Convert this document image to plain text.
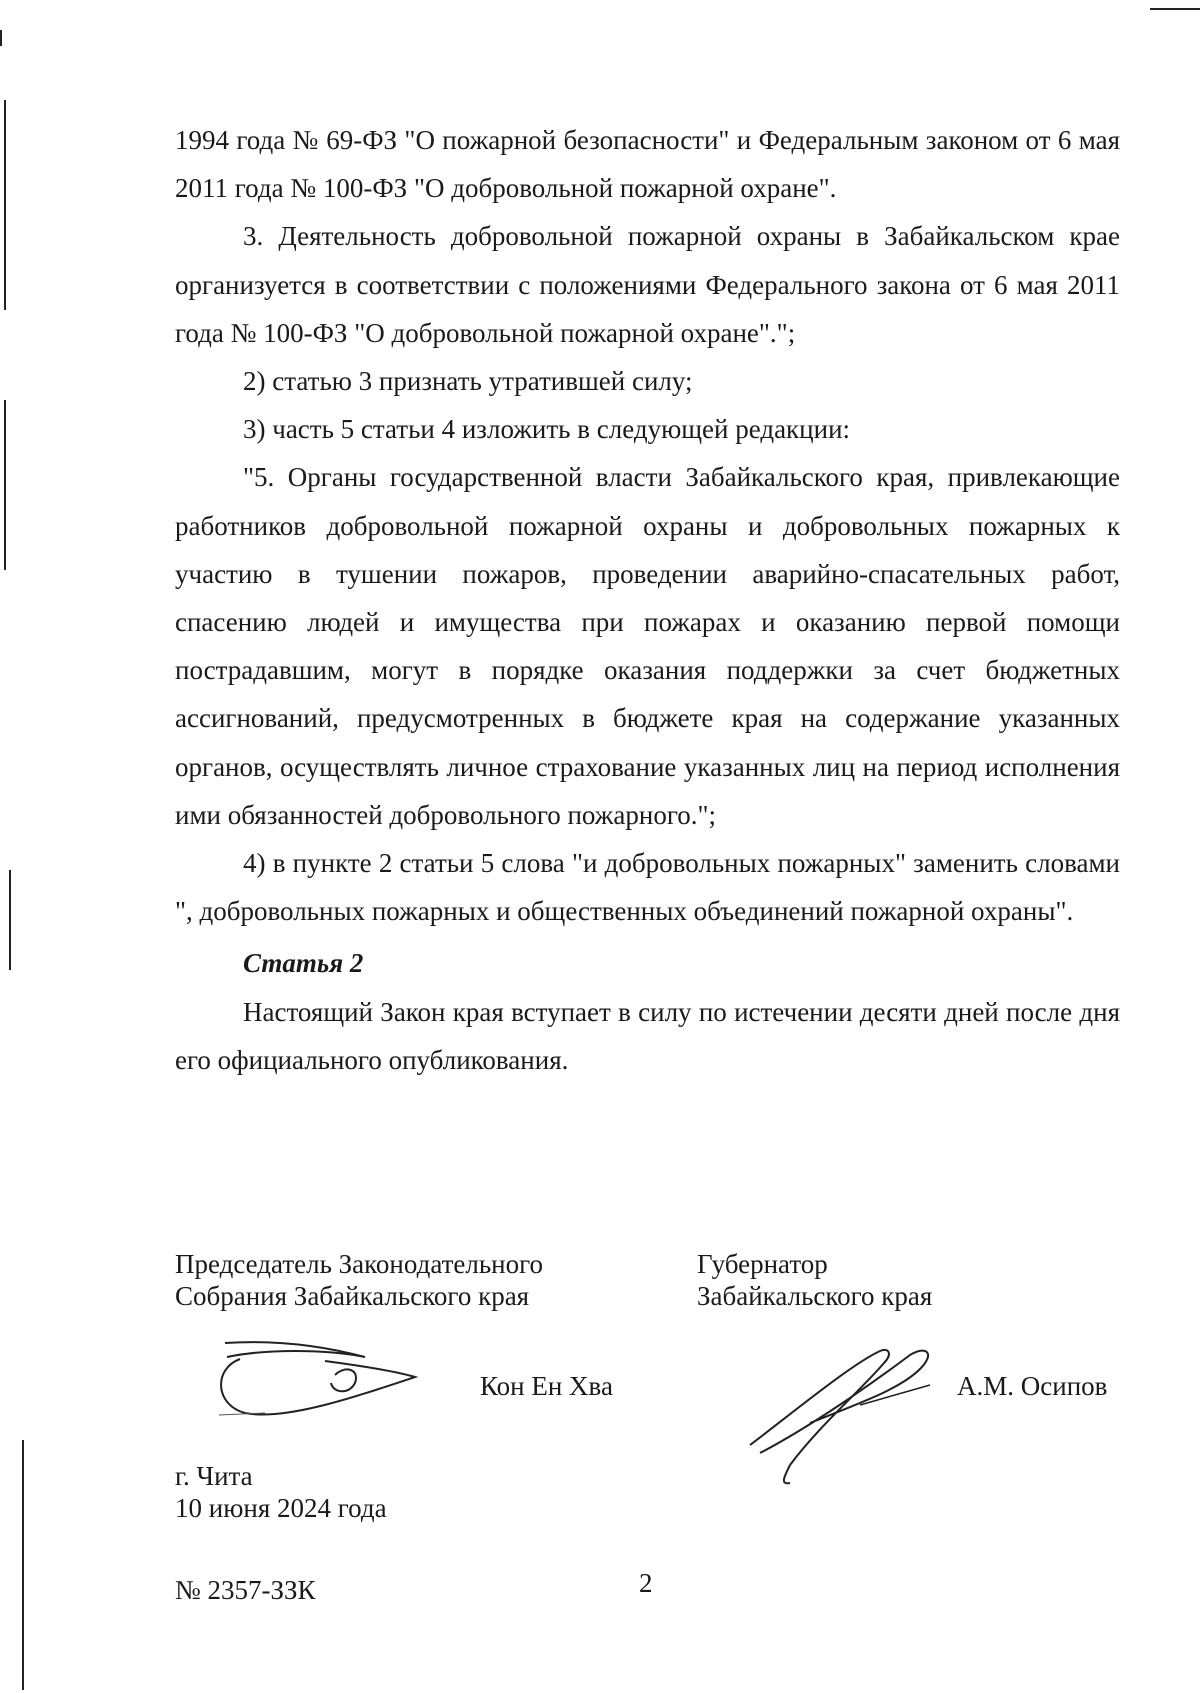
1994 года № 69-ФЗ "О пожарной безопасности" и Федеральным законом от 6 мая 2011 года № 100-ФЗ "О добровольной пожарной охране".

3. Деятельность добровольной пожарной охраны в Забайкальском крае организуется в соответствии с положениями Федерального закона от 6 мая 2011 года № 100-ФЗ "О добровольной пожарной охране".";

2) статью 3 признать утратившей силу;

3) часть 5 статьи 4 изложить в следующей редакции:

"5. Органы государственной власти Забайкальского края, привлекающие работников добровольной пожарной охраны и добровольных пожарных к участию в тушении пожаров, проведении аварийно-спасательных работ, спасению людей и имущества при пожарах и оказанию первой помощи пострадавшим, могут в порядке оказания поддержки за счет бюджетных ассигнований, предусмотренных в бюджете края на содержание указанных органов, осуществлять личное страхование указанных лиц на период исполнения ими обязанностей добровольного пожарного.";

4) в пункте 2 статьи 5 слова "и добровольных пожарных" заменить словами ", добровольных пожарных и общественных объединений пожарной охраны".

Статья 2

Настоящий Закон края вступает в силу по истечении десяти дней после дня его официального опубликования.

Председатель Законодательного
Собрания Забайкальского края
Кон Ен Хва
Губернатор
Забайкальского края
А.М. Осипов
г. Чита
10 июня 2024 года
№ 2357-ЗЗК	2
